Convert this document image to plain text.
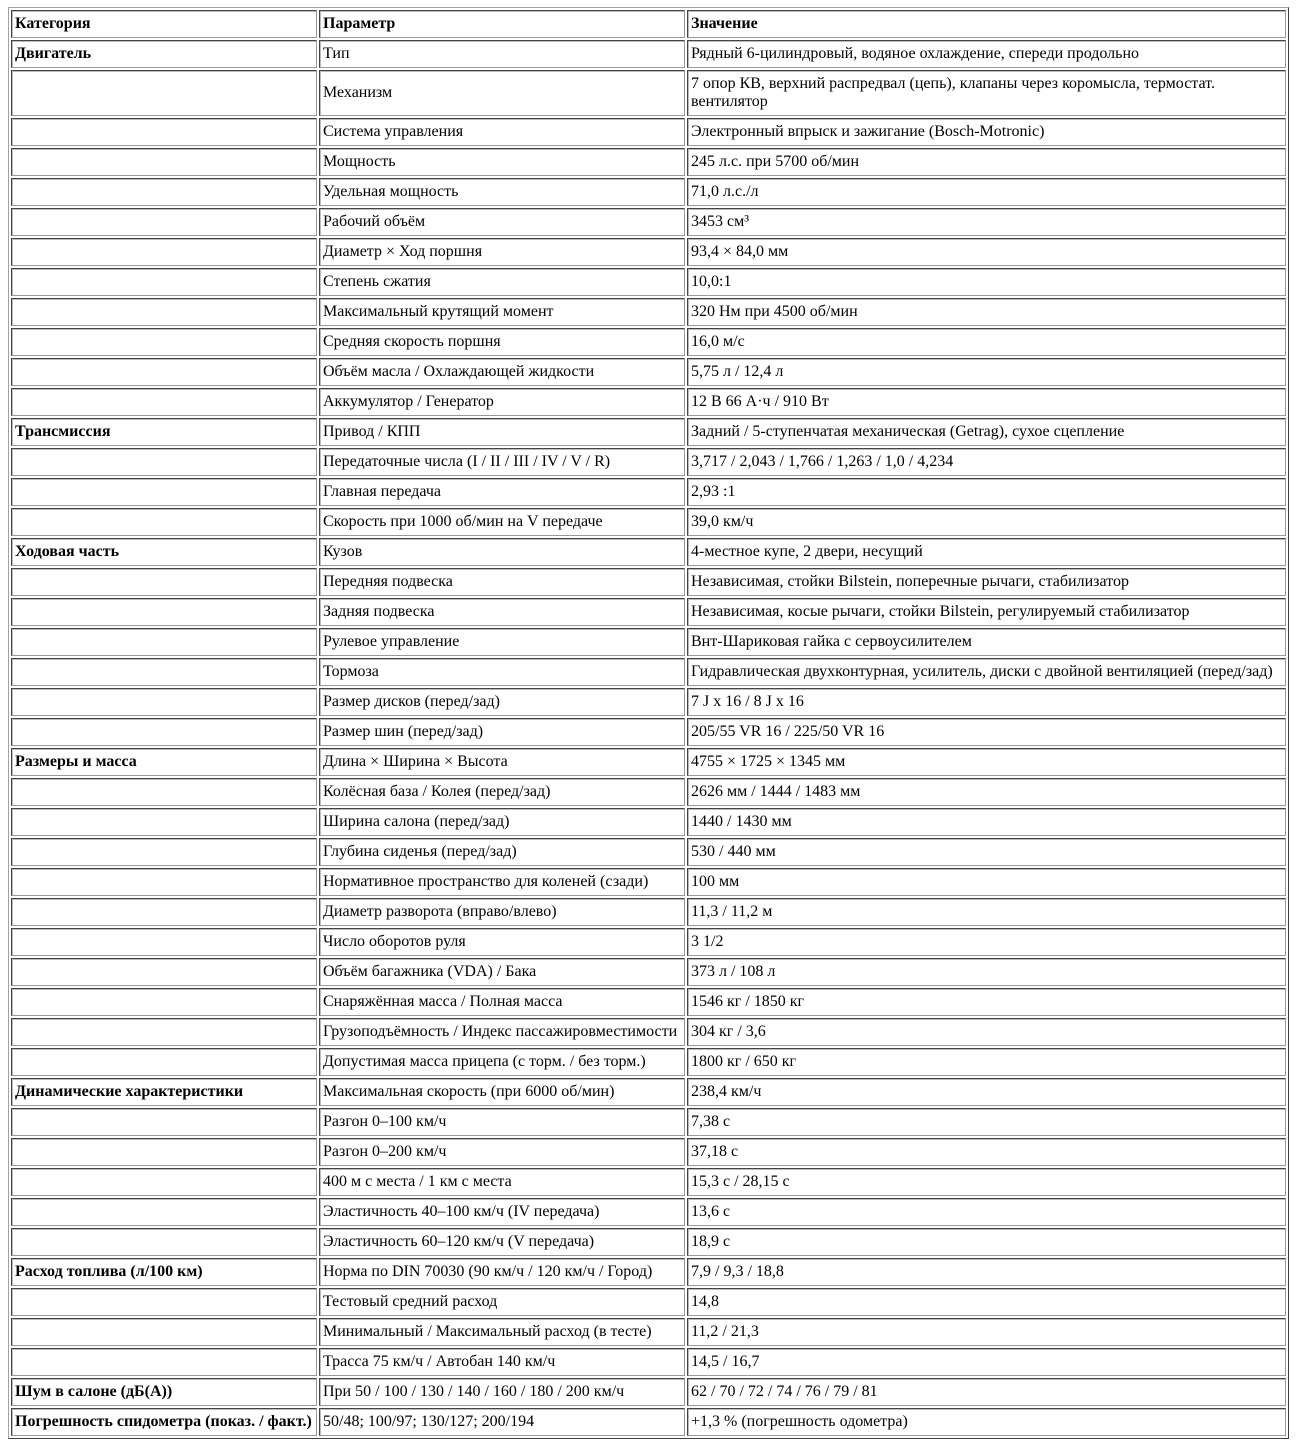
Категория	Параметр	Значение
Двигатель	Тип	Рядный 6-цилиндровый, водяное охлаждение, спереди продольно
	Механизм	7 опор КВ, верхний распредвал (цепь), клапаны через коромысла, термостат. вентилятор
	Система управления	Электронный впрыск и зажигание (Bosch-Motronic)
	Мощность	245 л.с. при 5700 об/мин
	Удельная мощность	71,0 л.с./л
	Рабочий объём	3453 см³
	Диаметр × Ход поршня	93,4 × 84,0 мм
	Степень сжатия	10,0:1
	Максимальный крутящий момент	320 Нм при 4500 об/мин
	Средняя скорость поршня	16,0 м/с
	Объём масла / Охлаждающей жидкости	5,75 л / 12,4 л
	Аккумулятор / Генератор	12 В 66 А·ч / 910 Вт
Трансмиссия	Привод / КПП	Задний / 5-ступенчатая механическая (Getrag), сухое сцепление
	Передаточные числа (I / II / III / IV / V / R)	3,717 / 2,043 / 1,766 / 1,263 / 1,0 / 4,234
	Главная передача	2,93 :1
	Скорость при 1000 об/мин на V передаче	39,0 км/ч
Ходовая часть	Кузов	4-местное купе, 2 двери, несущий
	Передняя подвеска	Независимая, стойки Bilstein, поперечные рычаги, стабилизатор
	Задняя подвеска	Независимая, косые рычаги, стойки Bilstein, регулируемый стабилизатор
	Рулевое управление	Внт-Шариковая гайка с сервоусилителем
	Тормоза	Гидравлическая двухконтурная, усилитель, диски с двойной вентиляцией (перед/зад)
	Размер дисков (перед/зад)	7 J x 16 / 8 J x 16
	Размер шин (перед/зад)	205/55 VR 16 / 225/50 VR 16
Размеры и масса	Длина × Ширина × Высота	4755 × 1725 × 1345 мм
	Колёсная база / Колея (перед/зад)	2626 мм / 1444 / 1483 мм
	Ширина салона (перед/зад)	1440 / 1430 мм
	Глубина сиденья (перед/зад)	530 / 440 мм
	Нормативное пространство для коленей (сзади)	100 мм
	Диаметр разворота (вправо/влево)	11,3 / 11,2 м
	Число оборотов руля	3 1/2
	Объём багажника (VDA) / Бака	373 л / 108 л
	Снаряжённая масса / Полная масса	1546 кг / 1850 кг
	Грузоподъёмность / Индекс пассажировместимости	304 кг / 3,6
	Допустимая масса прицепа (с торм. / без торм.)	1800 кг / 650 кг
Динамические характеристики	Максимальная скорость (при 6000 об/мин)	238,4 км/ч
	Разгон 0–100 км/ч	7,38 с
	Разгон 0–200 км/ч	37,18 с
	400 м с места / 1 км с места	15,3 с / 28,15 с
	Эластичность 40–100 км/ч (IV передача)	13,6 с
	Эластичность 60–120 км/ч (V передача)	18,9 с
Расход топлива (л/100 км)	Норма по DIN 70030 (90 км/ч / 120 км/ч / Город)	7,9 / 9,3 / 18,8
	Тестовый средний расход	14,8
	Минимальный / Максимальный расход (в тесте)	11,2 / 21,3
	Трасса 75 км/ч / Автобан 140 км/ч	14,5 / 16,7
Шум в салоне (дБ(А))	При 50 / 100 / 130 / 140 / 160 / 180 / 200 км/ч	62 / 70 / 72 / 74 / 76 / 79 / 81
Погрешность спидометра (показ. / факт.)	50/48; 100/97; 130/127; 200/194	+1,3 % (погрешность одометра)
